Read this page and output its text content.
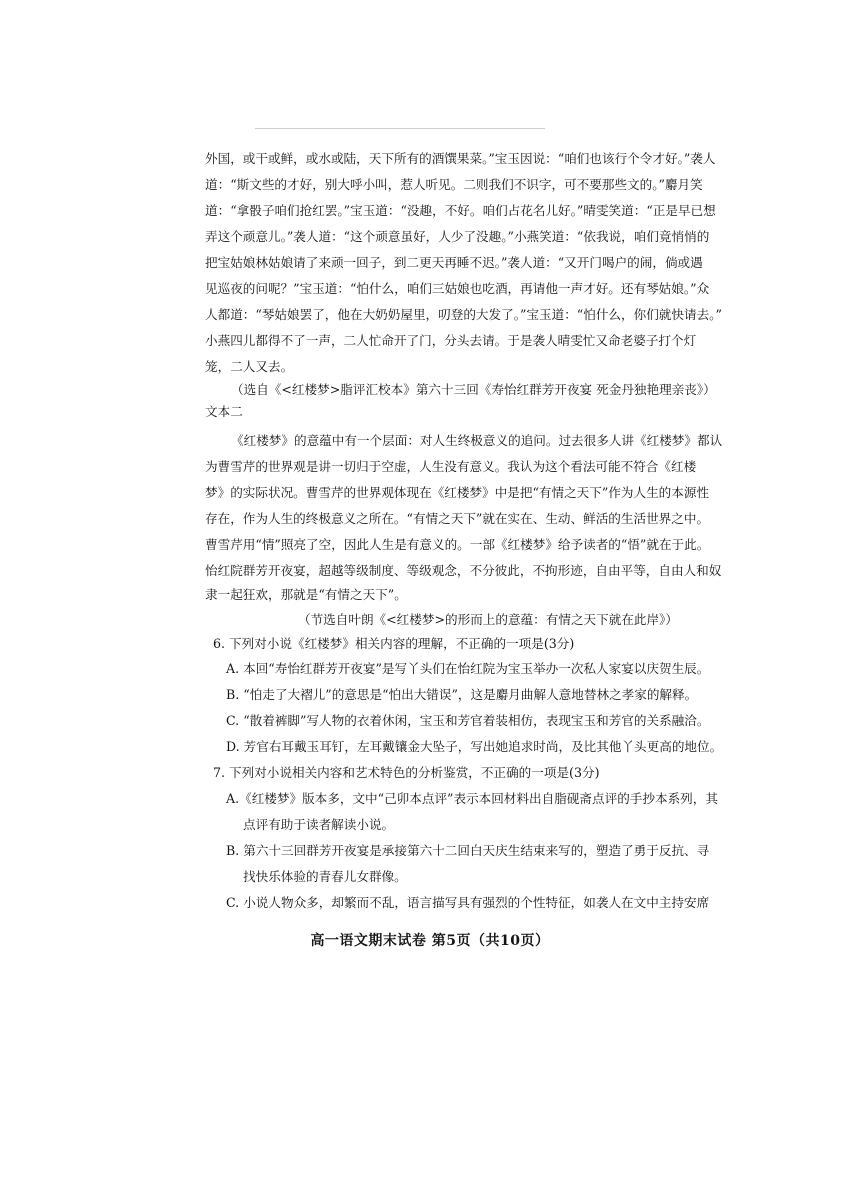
外国，或干或鲜，或水或陆，天下所有的酒馔果菜。”宝玉因说：“咱们也该行个令才好。”袭人
道：“斯文些的才好，别大呼小叫，惹人听见。二则我们不识字，可不要那些文的。”麝月笑
道：“拿骰子咱们抢红罢。”宝玉道：“没趣，不好。咱们占花名儿好。”晴雯笑道：“正是早已想
弄这个顽意儿。”袭人道：“这个顽意虽好，人少了没趣。”小燕笑道：“依我说，咱们竟悄悄的
把宝姑娘林姑娘请了来顽一回子，到二更天再睡不迟。”袭人道：“又开门喝户的闹，倘或遇
见巡夜的问呢？”宝玉道：“怕什么，咱们三姑娘也吃酒，再请他一声才好。还有琴姑娘。”众
人都道：“琴姑娘罢了，他在大奶奶屋里，叨登的大发了。”宝玉道：“怕什么，你们就快请去。”
小燕四儿都得不了一声，二人忙命开了门，分头去请。于是袭人晴雯忙又命老婆子打个灯
笼，二人又去。
（选自《<红楼梦>脂评汇校本》第六十三回《寿怡红群芳开夜宴 死金丹独艳理亲丧》）
文本二
《红楼梦》的意蕴中有一个层面：对人生终极意义的追问。过去很多人讲《红楼梦》都认
为曹雪芹的世界观是讲一切归于空虚，人生没有意义。我认为这个看法可能不符合《红楼
梦》的实际状况。曹雪芹的世界观体现在《红楼梦》中是把“有情之天下”作为人生的本源性
存在，作为人生的终极意义之所在。“有情之天下”就在实在、生动、鲜活的生活世界之中。
曹雪芹用“情”照亮了空，因此人生是有意义的。一部《红楼梦》给予读者的“悟”就在于此。
怡红院群芳开夜宴，超越等级制度、等级观念，不分彼此，不拘形迹，自由平等，自由人和奴
隶一起狂欢，那就是“有情之天下”。
（节选自叶朗《<红楼梦>的形而上的意蕴：有情之天下就在此岸》）
6. 下列对小说《红楼梦》相关内容的理解，不正确的一项是(3分)
A. 本回“寿怡红群芳开夜宴”是写丫头们在怡红院为宝玉举办一次私人家宴以庆贺生辰。
B. “怕走了大褶儿”的意思是“怕出大错误”，这是麝月曲解人意地替林之孝家的解释。
C. “散着裤脚”写人物的衣着休闲，宝玉和芳官着装相仿，表现宝玉和芳官的关系融洽。
D. 芳官右耳戴玉耳钉，左耳戴镶金大坠子，写出她追求时尚，及比其他丫头更高的地位。
7. 下列对小说相关内容和艺术特色的分析鉴赏，不正确的一项是(3分)
A.《红楼梦》版本多，文中“己卯本点评”表示本回材料出自脂砚斋点评的手抄本系列，其
点评有助于读者解读小说。
B. 第六十三回群芳开夜宴是承接第六十二回白天庆生结束来写的，塑造了勇于反抗、寻
找快乐体验的青春儿女群像。
C. 小说人物众多，却繁而不乱，语言描写具有强烈的个性特征，如袭人在文中主持安席
高一语文期末试卷 第5页（共10页）
